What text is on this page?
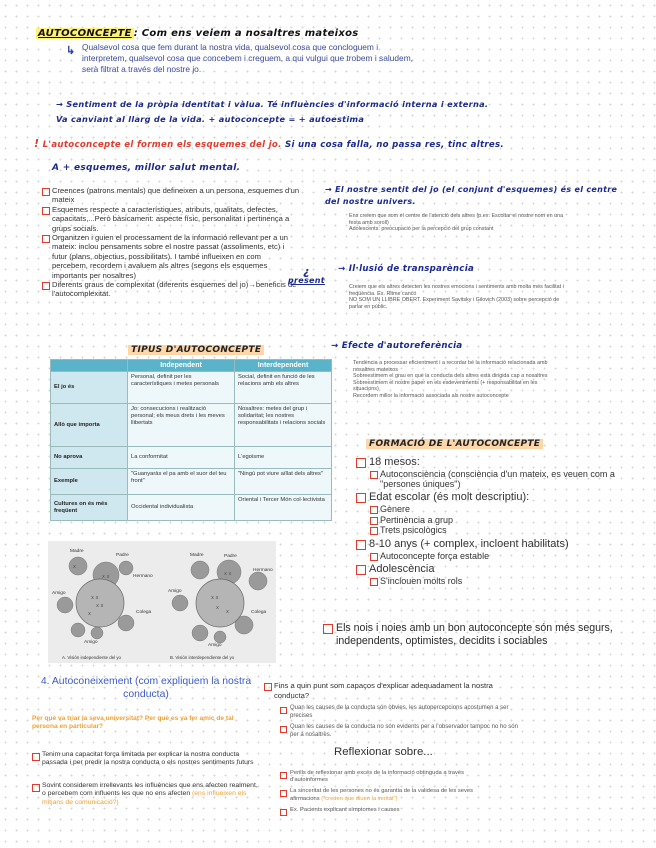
AUTOCONCEPTE : Com ens veiem a nosaltres mateixos
↳ Qualsevol cosa que fem durant la nostra vida, qualsevol cosa que concloguem i interpretem, qualsevol cosa que concebem i creguem, a qui vulgui que trobem i saludem, serà filtrat a través del nostre jo.
→ Sentiment de la pròpia identitat i vàlua. Té influències d'informació interna i externa.
Va canviant al llarg de la vida. + autoconcepte = + autoestima
! L'autoconcepte el formen els esquemes del jo. Si una cosa falla, no passa res, tinc altres.
A + esquemes, millor salut mental.
Creences (patrons mentals) que defineixen a un persona, esquemes d'un mateix
Esquemes respecte a característiques, atributs, qualitats, defectes, capacitats,...Però bàsicament: aspecte físic, personalitat i pertinença a grups socials.
Organitzen i guien el processament de la informació rellevant per a un mateix: inclou pensaments sobre el nostre passat (assoliments, etc) i futur (plans, objectius, possibilitats). I també influeixen en com percebem, recordem i avaluem als altres (segons els esquemes importants per nosaltres)
Diferents graus de complexitat (diferents esquemes del jo)→beneficis de l'autocomplexitat.
¿
present
→ El nostre sentit del jo (el conjunt d'esquemes) és el centre del nostre univers.
Ens creiem que som el centre de l'atenció dels altres (p.ex. Escoltar el nostre nom en una festa amb soroll)
Adolescents: preocupació per la percepció del grup constant
→ Il·lusió de transparència
Creiem que els altres detecten les nostres emocions i sentiments amb molta més facilitat i freqüència. Ex. Ritme cancó
NO SOM UN LLIBRE OBERT. Experiment Savitsky i Gilovich (2003) sobre percepció de parlar en públic.
→ Efecte d'autoreferència
Tendència a processar eficientment i a recordar bé la informació relacionada amb nosaltres mateixos
Sobreestimem el grau en què la conducta dels altres està dirigida cap a nosaltres
Sobreestimem el nostre paper en els esdeveniments (+ responsabilitat en les situacions)
Recordem millor la informació associada als nostre autoconcepte
TIPUS D'AUTOCONCEPTE
	Independent	Interdependent
El jo és	Personal, definit per les característiques i metes personals	Social, definit en funció de les relacions amb els altres
Allò que importa	Jo: consecucions i realització personal; els meus drets i les meves llibertats	Nosaltres: metes del grup i solidaritat; les nostres responsabilitats i relacions socials
No aprova	La conformitat	L'egoisme
Exemple	"Guanyaràs el pa amb el suor del teu front"	"Ningú pot viure aïllat dels altres"
Cultures on és més freqüent	Occidental individualista	Oriental i Tercer Món col·lectivista
x x
x x
x
x
x x
x x
x
x
x x
Madre
Padre
Hermano
Amigo
Colega
Amigo
Madre	Padre
Hermano
Amigo
Colega
Amigo
A. Visión independiente del yo	B. Visión interdependiente del yo
FORMACIÓ DE L'AUTOCONCEPTE
18 mesos:
Autoconsciència (consciència d'un mateix, es veuen com a "persones úniques")
Edat escolar (és molt descriptiu):
Gènere
Pertinència a grup
Trets psicològics
8-10 anys (+ complex, incloent habilitats)
Autoconcepte força estable
Adolescència
S'inclouen molts rols
Els nois i noies amb un bon autoconcepte són més segurs, independents, optimistes, decidits i sociables
4. Autoconeixement (com expliquem la nostra conducta)
Per què va triar la seva universitat? Per què es va fer amic de tal persona en particular?
Tenim una capacitat força limitada per explicar la nostra conducta passada i per predir la nostra conducta o els nostres sentiments futurs
Sovint considerem irrellevants les influències que ens afecten realment, o percebem com influents les que no ens afecten (ens influeixen els mitjans de comunicació?)
Fins a quin punt som capaços d'explicar adequadament la nostra conducta?
Quan les causes de la conducta són òbvies, les autopercepcions acostumen a ser precises
Quan les causes de la conducta no són evidents per a l'observador tampoc no ho són per a nosaltres.
Reflexionar sobre...
Perills de reflexionar amb excés de la informació obtinguda a través d'autoinformes
La sinceritat de les persones no és garantia de la validesa de les seves afirmacions ("creuen que diuen la veritat")
Ex. Pacients explicant símptomes i causes
